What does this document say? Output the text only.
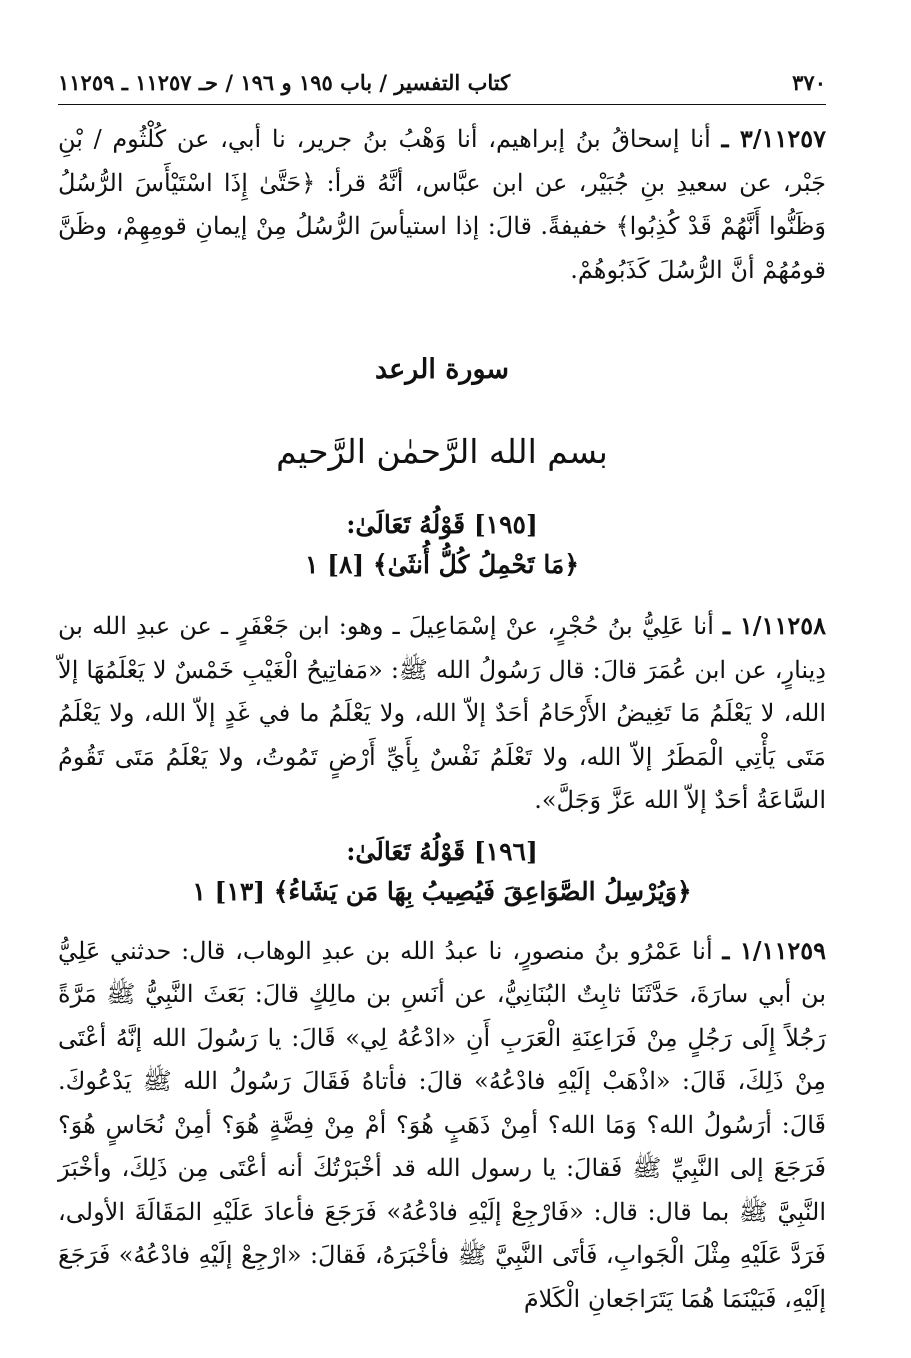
٣٧٠
كتاب التفسير / باب ١٩٥ و ١٩٦ / حـ ١١٢٥٧ ـ ١١٢٥٩

٣/١١٢٥٧ ـ أنا إسحاقُ بنُ إبراهيم، أنا وَهْبُ بنُ جرير، نا أبي، عن كُلْثُوم / بْنِ جَبْر، عن سعيدِ بنِ جُبَيْر، عن ابن عبَّاس، أنَّهُ قرأ: ﴿حَتَّىٰ إِذَا اسْتَيْأَسَ الرُّسُلُ وَظَنُّوا أَنَّهُمْ قَدْ كُذِبُوا﴾ خفيفةً. قالَ: إذا استيأسَ الرُّسُلُ مِنْ إيمانِ قومِهِمْ، وظَنَّ قومُهُمْ أنَّ الرُّسُلَ كَذَبُوهُمْ.

سورة الرعد
بسم الله الرَّحمٰن الرَّحيم
[١٩٥] قَوْلُهُ تَعَالَىٰ:
﴿مَا تَحْمِلُ كُلُّ أُنثَىٰ﴾ [٨] ١

١/١١٢٥٨ ـ أنا عَلِيُّ بنُ حُجْرٍ، عنْ إسْمَاعِيلَ ـ وهو: ابن جَعْفَرٍ ـ عن عبدِ الله بن دِينارٍ، عن ابن عُمَرَ قالَ: قال رَسُولُ الله ﷺ: «مَفاتِيحُ الْغَيْبِ خَمْسٌ لا يَعْلَمُهَا إلاّ الله، لا يَعْلَمُ مَا تَغِيضُ الأَرْحَامُ أحَدٌ إلاّ الله، ولا يَعْلَمُ ما في غَدٍ إلاّ الله، ولا يَعْلَمُ مَتَى يَأْتِي الْمَطَرُ إلاّ الله، ولا تَعْلَمُ نَفْسٌ بِأَيِّ أَرْضٍ تَمُوتُ، ولا يَعْلَمُ مَتَى تَقُومُ السَّاعَةُ أحَدٌ إلاّ الله عَزَّ وَجَلَّ».

[١٩٦] قَوْلُهُ تَعَالَىٰ:
﴿وَيُرْسِلُ الصَّوَاعِقَ فَيُصِيبُ بِهَا مَن يَشَاءُ﴾ [١٣] ١

١/١١٢٥٩ ـ أنا عَمْرُو بنُ منصورٍ، نا عبدُ الله بن عبدِ الوهاب، قال: حدثني عَلِيُّ بن أبي سارَةَ، حَدَّثَنَا ثابِتٌ البُنَانِيُّ، عن أنَسِ بن مالِكٍ قالَ: بَعَثَ النَّبِيُّ ﷺ مَرَّةً رَجُلاً إِلَى رَجُلٍ مِنْ فَرَاعِنَةِ الْعَرَبِ أَنِ «ادْعُهُ لِي» قَالَ: يا رَسُولَ الله إنَّهُ أعْتَى مِنْ ذَلِكَ، قَالَ: «اذْهَبْ إلَيْهِ فادْعُهُ» قالَ: فأتاهُ فَقَالَ رَسُولُ الله ﷺ يَدْعُوكَ. قَالَ: أرَسُولُ الله؟ وَمَا الله؟ أمِنْ ذَهَبٍ هُوَ؟ أمْ مِنْ فِضَّةٍ هُوَ؟ أمِنْ نُحَاسٍ هُوَ؟ فَرَجَعَ إلى النَّبِيِّ ﷺ فَقالَ: يا رسول الله قد أخْبَرْتُكَ أنه أعْتَى مِن ذَلِكَ، وأخْبَرَ النَّبِيَّ ﷺ بما قال: قال: «فَارْجِعْ إلَيْهِ فادْعُهُ» فَرَجَعَ فأعادَ عَلَيْهِ المَقَالَةَ الأولى، فَرَدَّ عَلَيْهِ مِثْلَ الْجَوابِ، فَأتَى النَّبِيَّ ﷺ فأخْبَرَهُ، فَقالَ: «ارْجِعْ إلَيْهِ فادْعُهُ» فَرَجَعَ إلَيْهِ، فَبَيْنَمَا هُمَا يَتَرَاجَعانِ الْكَلامَ
